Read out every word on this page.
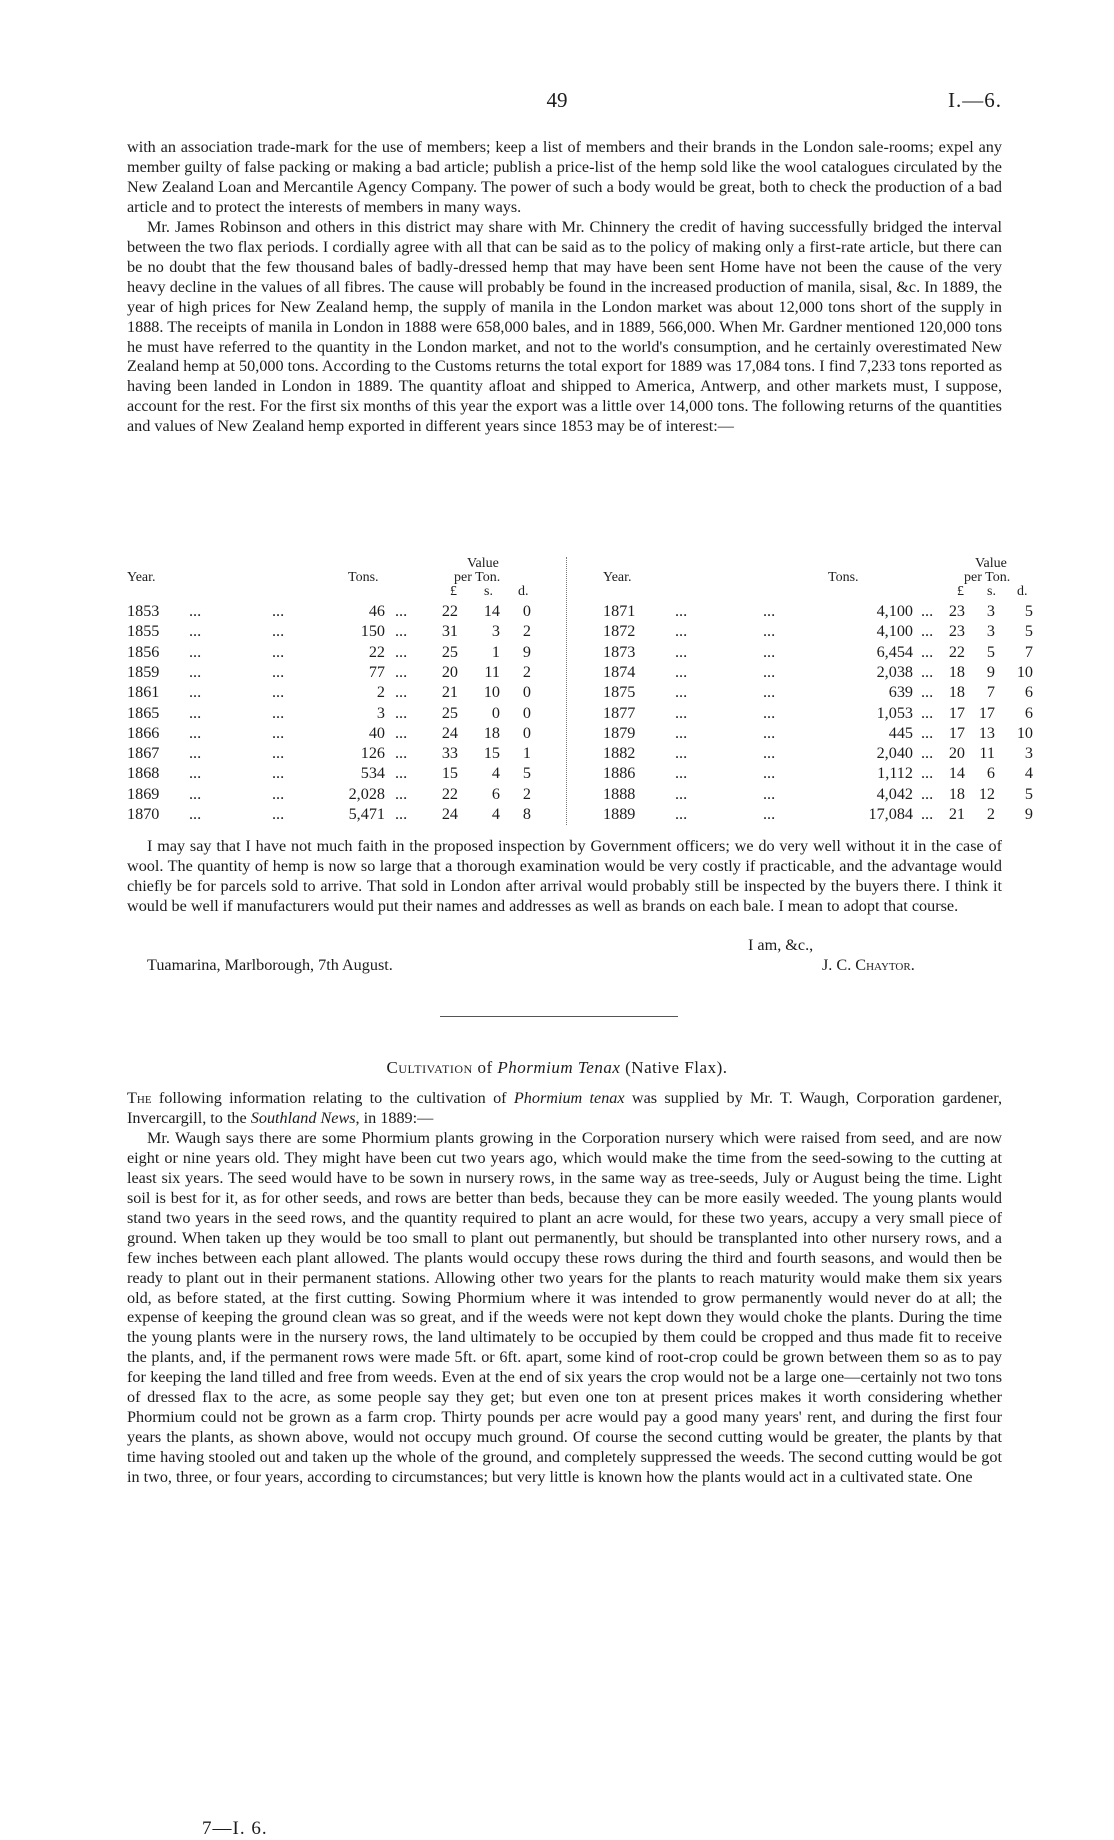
49	I.—6.

with an association trade-mark for the use of members; keep a list of members and their brands in the London sale-rooms; expel any member guilty of false packing or making a bad article; publish a price-list of the hemp sold like the wool catalogues circulated by the New Zealand Loan and Mercantile Agency Company. The power of such a body would be great, both to check the production of a bad article and to protect the interests of members in many ways.

Mr. James Robinson and others in this district may share with Mr. Chinnery the credit of having successfully bridged the interval between the two flax periods. I cordially agree with all that can be said as to the policy of making only a first-rate article, but there can be no doubt that the few thousand bales of badly-dressed hemp that may have been sent Home have not been the cause of the very heavy decline in the values of all fibres. The cause will probably be found in the increased production of manila, sisal, &c. In 1889, the year of high prices for New Zealand hemp, the supply of manila in the London market was about 12,000 tons short of the supply in 1888. The receipts of manila in London in 1888 were 658,000 bales, and in 1889, 566,000. When Mr. Gardner mentioned 120,000 tons he must have referred to the quantity in the London market, and not to the world's consumption, and he certainly overestimated New Zealand hemp at 50,000 tons. According to the Customs returns the total export for 1889 was 17,084 tons. I find 7,233 tons reported as having been landed in London in 1889. The quantity afloat and shipped to America, Antwerp, and other markets must, I suppose, account for the rest. For the first six months of this year the export was a little over 14,000 tons. The following returns of the quantities and values of New Zealand hemp exported in different years since 1853 may be of interest:—

Year.	Tons.
Value
per Ton.
£ s. d.
1853 ...	...	46 ... 22 14 0
1855 ...	...	150 ... 31 3 2
1856 ...	...	22 ... 25 1 9
1859 ...	...	77 ... 20 11 2
1861 ...	...	2 ... 21 10 0
1865 ...	...	3 ... 25 0 0
1866 ...	...	40 ... 24 18 0
1867 ...	...	126 ... 33 15 1
1868 ...	...	534 ... 15 4 5
1869 ...	...	2,028 ... 22 6 2
1870 ...	...	5,471 ... 24 4 8
Year.	Tons.
Value
per Ton.
£ s. d.
1871 ...	...	4,100 ... 23 3 5
1872 ...	...	4,100 ... 23 3 5
1873 ...	...	6,454 ... 22 5 7
1874 ...	...	2,038 ... 18 9 10
1875 ...	...	639 ... 18 7 6
1877 ...	...	1,053 ... 17 17 6
1879 ...	...	445 ... 17 13 10
1882 ...	...	2,040 ... 20 11 3
1886 ...	...	1,112 ... 14 6 4
1888 ...	...	4,042 ... 18 12 5
1889 ...	...	17,084 ... 21 2 9

I may say that I have not much faith in the proposed inspection by Government officers; we do very well without it in the case of wool. The quantity of hemp is now so large that a thorough examination would be very costly if practicable, and the advantage would chiefly be for parcels sold to arrive. That sold in London after arrival would probably still be inspected by the buyers there. I think it would be well if manufacturers would put their names and addresses as well as brands on each bale. I mean to adopt that course.

I am, &c.,
Tuamarina, Marlborough, 7th August.	J. C. Chaytor.
Cultivation of Phormium Tenax (Native Flax).

The following information relating to the cultivation of Phormium tenax was supplied by Mr. T. Waugh, Corporation gardener, Invercargill, to the Southland News, in 1889:—

Mr. Waugh says there are some Phormium plants growing in the Corporation nursery which were raised from seed, and are now eight or nine years old. They might have been cut two years ago, which would make the time from the seed-sowing to the cutting at least six years. The seed would have to be sown in nursery rows, in the same way as tree-seeds, July or August being the time. Light soil is best for it, as for other seeds, and rows are better than beds, because they can be more easily weeded. The young plants would stand two years in the seed rows, and the quantity required to plant an acre would, for these two years, accupy a very small piece of ground. When taken up they would be too small to plant out permanently, but should be transplanted into other nursery rows, and a few inches between each plant allowed. The plants would occupy these rows during the third and fourth seasons, and would then be ready to plant out in their permanent stations. Allowing other two years for the plants to reach maturity would make them six years old, as before stated, at the first cutting. Sowing Phormium where it was intended to grow permanently would never do at all; the expense of keeping the ground clean was so great, and if the weeds were not kept down they would choke the plants. During the time the young plants were in the nursery rows, the land ultimately to be occupied by them could be cropped and thus made fit to receive the plants, and, if the permanent rows were made 5ft. or 6ft. apart, some kind of root-crop could be grown between them so as to pay for keeping the land tilled and free from weeds. Even at the end of six years the crop would not be a large one—certainly not two tons of dressed flax to the acre, as some people say they get; but even one ton at present prices makes it worth considering whether Phormium could not be grown as a farm crop. Thirty pounds per acre would pay a good many years' rent, and during the first four years the plants, as shown above, would not occupy much ground. Of course the second cutting would be greater, the plants by that time having stooled out and taken up the whole of the ground, and completely suppressed the weeds. The second cutting would be got in two, three, or four years, according to circumstances; but very little is known how the plants would act in a cultivated state. One

7—I. 6.
